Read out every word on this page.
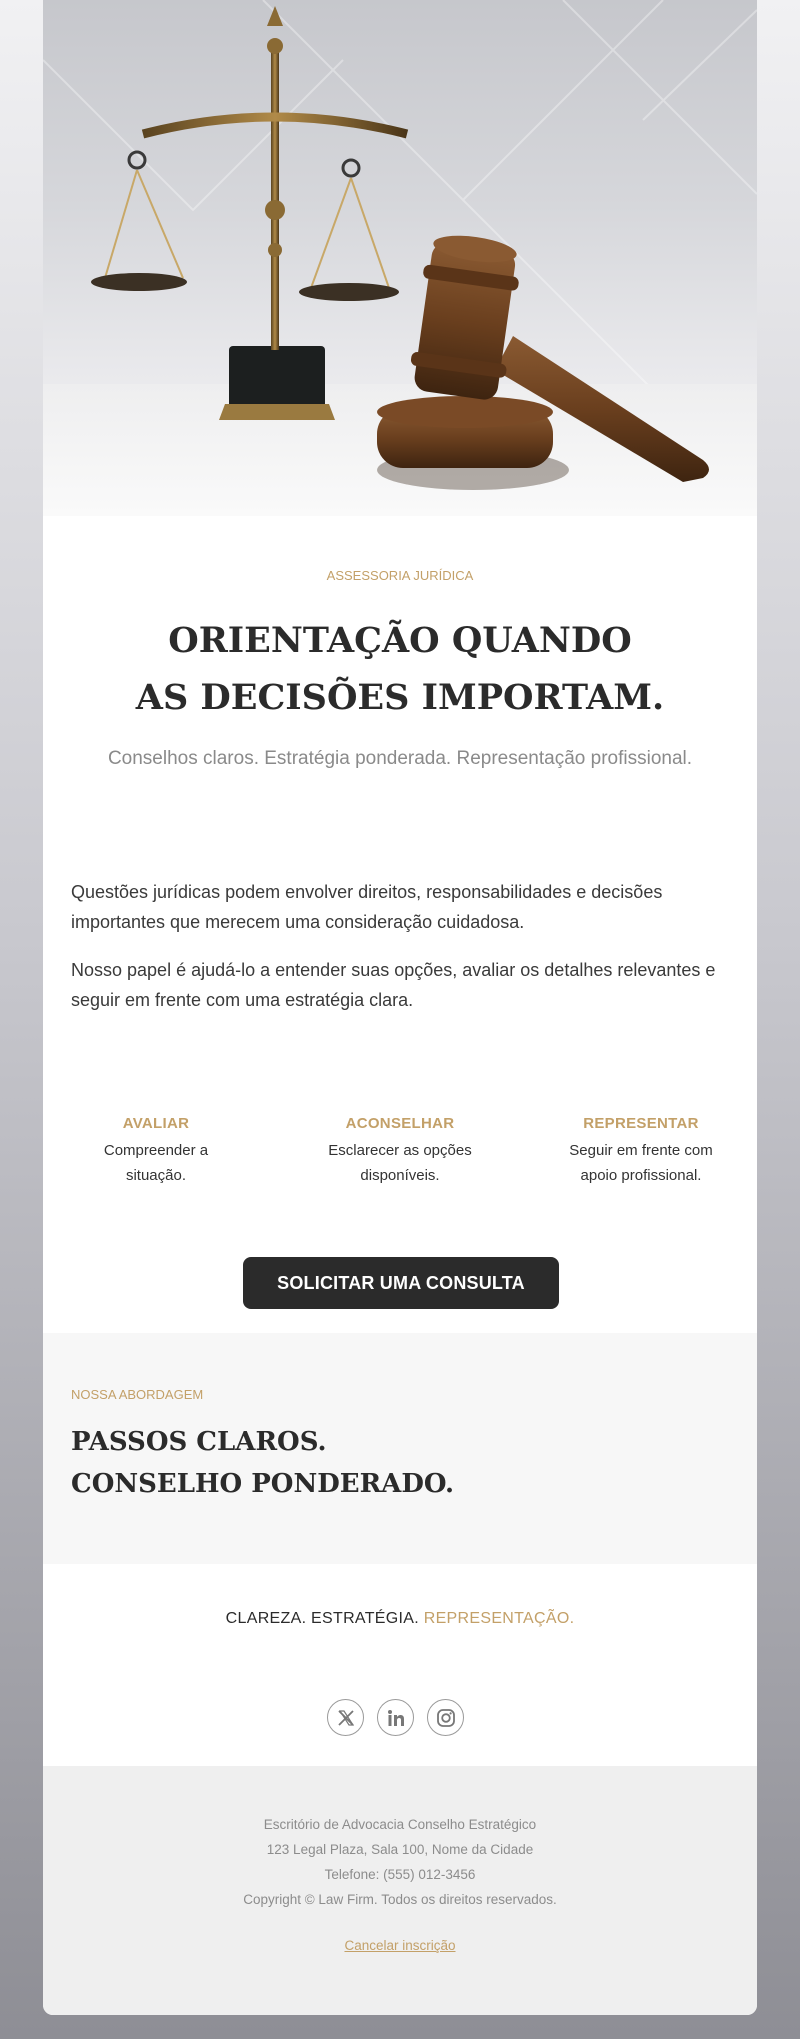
ASSESSORIA JURÍDICA
ORIENTAÇÃO QUANDO
AS DECISÕES IMPORTAM.

Conselhos claros. Estratégia ponderada. Representação profissional.

Questões jurídicas podem envolver direitos, responsabilidades e decisões importantes que merecem uma consideração cuidadosa.

Nosso papel é ajudá-lo a entender suas opções, avaliar os detalhes relevantes e seguir em frente com uma estratégia clara.

AVALIAR
Compreender a
situação.
ACONSELHAR
Esclarecer as opções
disponíveis.
REPRESENTAR
Seguir em frente com
apoio profissional.
SOLICITAR UMA CONSULTA
NOSSA ABORDAGEM
PASSOS CLAROS.
CONSELHO PONDERADO.
CLAREZA. ESTRATÉGIA. REPRESENTAÇÃO.
Escritório de Advocacia Conselho Estratégico
123 Legal Plaza, Sala 100, Nome da Cidade
Telefone: (555) 012-3456
Copyright © Law Firm. Todos os direitos reservados.
Cancelar inscrição
